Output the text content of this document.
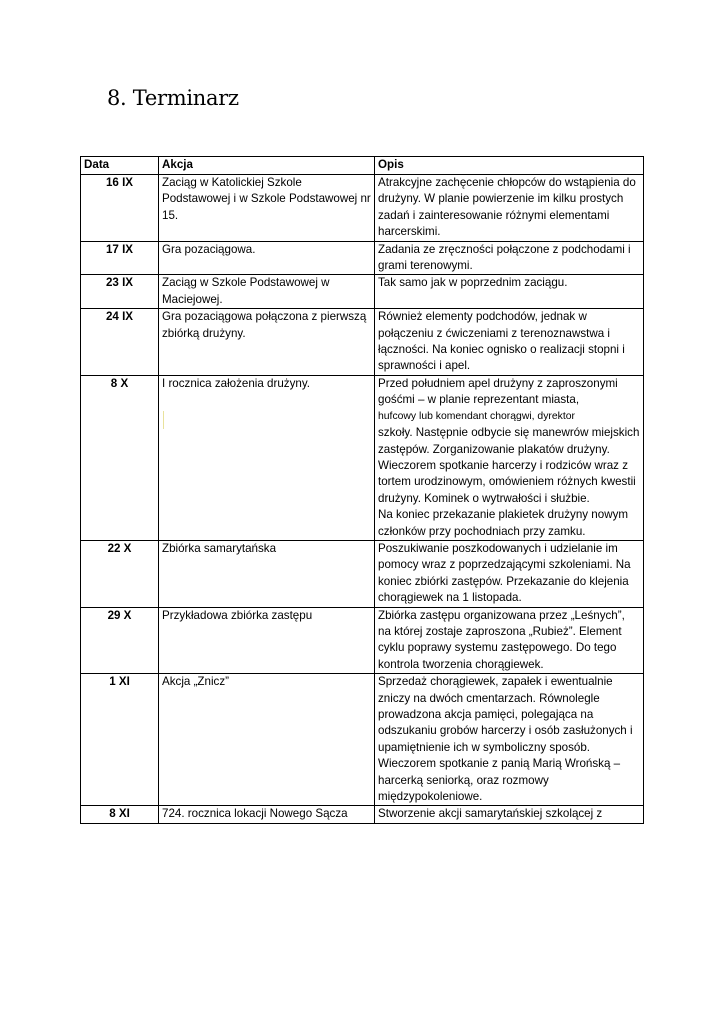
8. Terminarz
Data	Akcja	Opis
16 IX	Zaciąg w Katolickiej Szkole Podstawowej i w Szkole Podstawowej nr 15.	Atrakcyjne zachęcenie chłopców do wstąpienia do drużyny. W planie powierzenie im kilku prostych zadań i zainteresowanie różnymi elementami harcerskimi.

17 IX	Gra pozaciągowa.	Zadania ze zręczności połączone z podchodami i grami terenowymi.

23 IX	Zaciąg w Szkole Podstawowej w Maciejowej.	Tak samo jak w poprzednim zaciągu.

24 IX	Gra pozaciągowa połączona z pierwszą zbiórką drużyny.	Również elementy podchodów, jednak w połączeniu z ćwiczeniami z terenoznawstwa i łączności. Na koniec ognisko o realizacji stopni i sprawności i apel.

8 X	I rocznica założenia drużyny.	Przed południem apel drużyny z zaproszonymi
gośćmi – w planie reprezentant miasta,
hufcowy lub komendant chorągwi, dyrektor
szkoły. Następnie odbycie się manewrów miejskich zastępów. Zorganizowanie plakatów drużyny. Wieczorem spotkanie harcerzy i rodziców wraz z tortem urodzinowym, omówieniem różnych kwestii drużyny. Kominek o wytrwałości i służbie.
Na koniec przekazanie plakietek drużyny nowym członków przy pochodniach przy zamku.

22 X	Zbiórka samarytańska	Poszukiwanie poszkodowanych i udzielanie im pomocy wraz z poprzedzającymi szkoleniami. Na koniec zbiórki zastępów. Przekazanie do klejenia chorągiewek na 1 listopada.

29 X	Przykładowa zbiórka zastępu	Zbiórka zastępu organizowana przez „Leśnych”, na której zostaje zaproszona „Rubież”. Element cyklu poprawy systemu zastępowego. Do tego kontrola tworzenia chorągiewek.

1 XI	Akcja „Znicz”	Sprzedaż chorągiewek, zapałek i ewentualnie zniczy na dwóch cmentarzach. Równolegle prowadzona akcja pamięci, polegająca na odszukaniu grobów harcerzy i osób zasłużonych i upamiętnienie ich w symboliczny sposób. Wieczorem spotkanie z panią Marią Wrońską – harcerką seniorką, oraz rozmowy międzypokoleniowe.

8 XI	724. rocznica lokacji Nowego Sącza	Stworzenie akcji samarytańskiej szkolącej z
